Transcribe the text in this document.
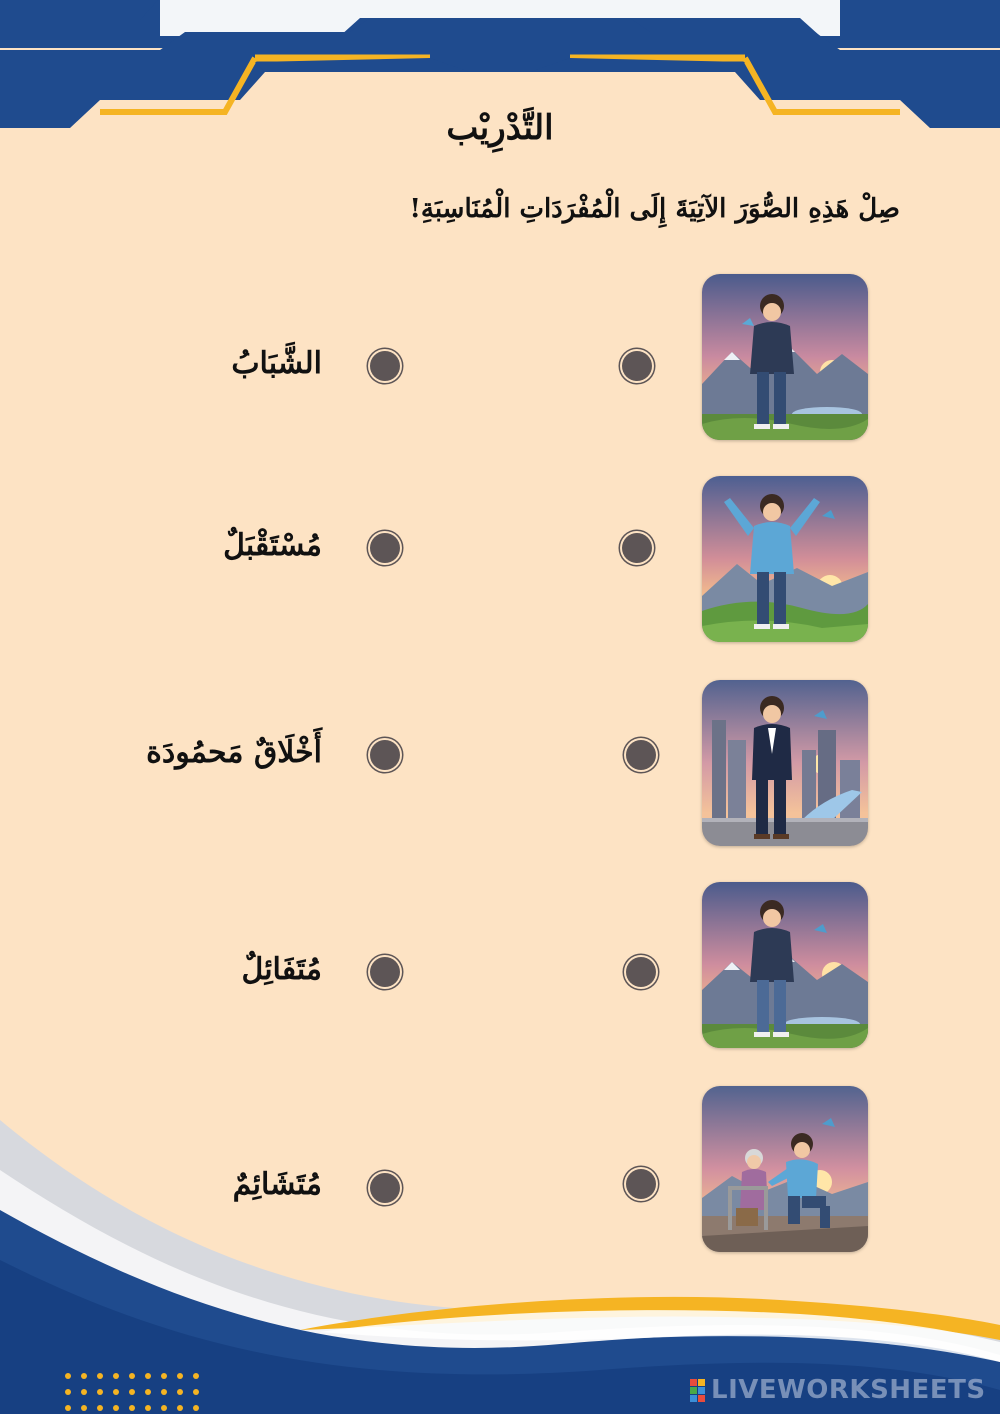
التَّدْرِيْب
صِلْ هَذِهِ الصُّوَرَ الآتِيَةَ إِلَى الْمُفْرَدَاتِ الْمُنَاسِبَةِ!
الشَّبَابُ
مُسْتَقْبَلٌ
أَخْلَاقٌ مَحمُودَة
مُتَفَائِلٌ
مُتَشَائِمٌ
LIVEWORKSHEETS
